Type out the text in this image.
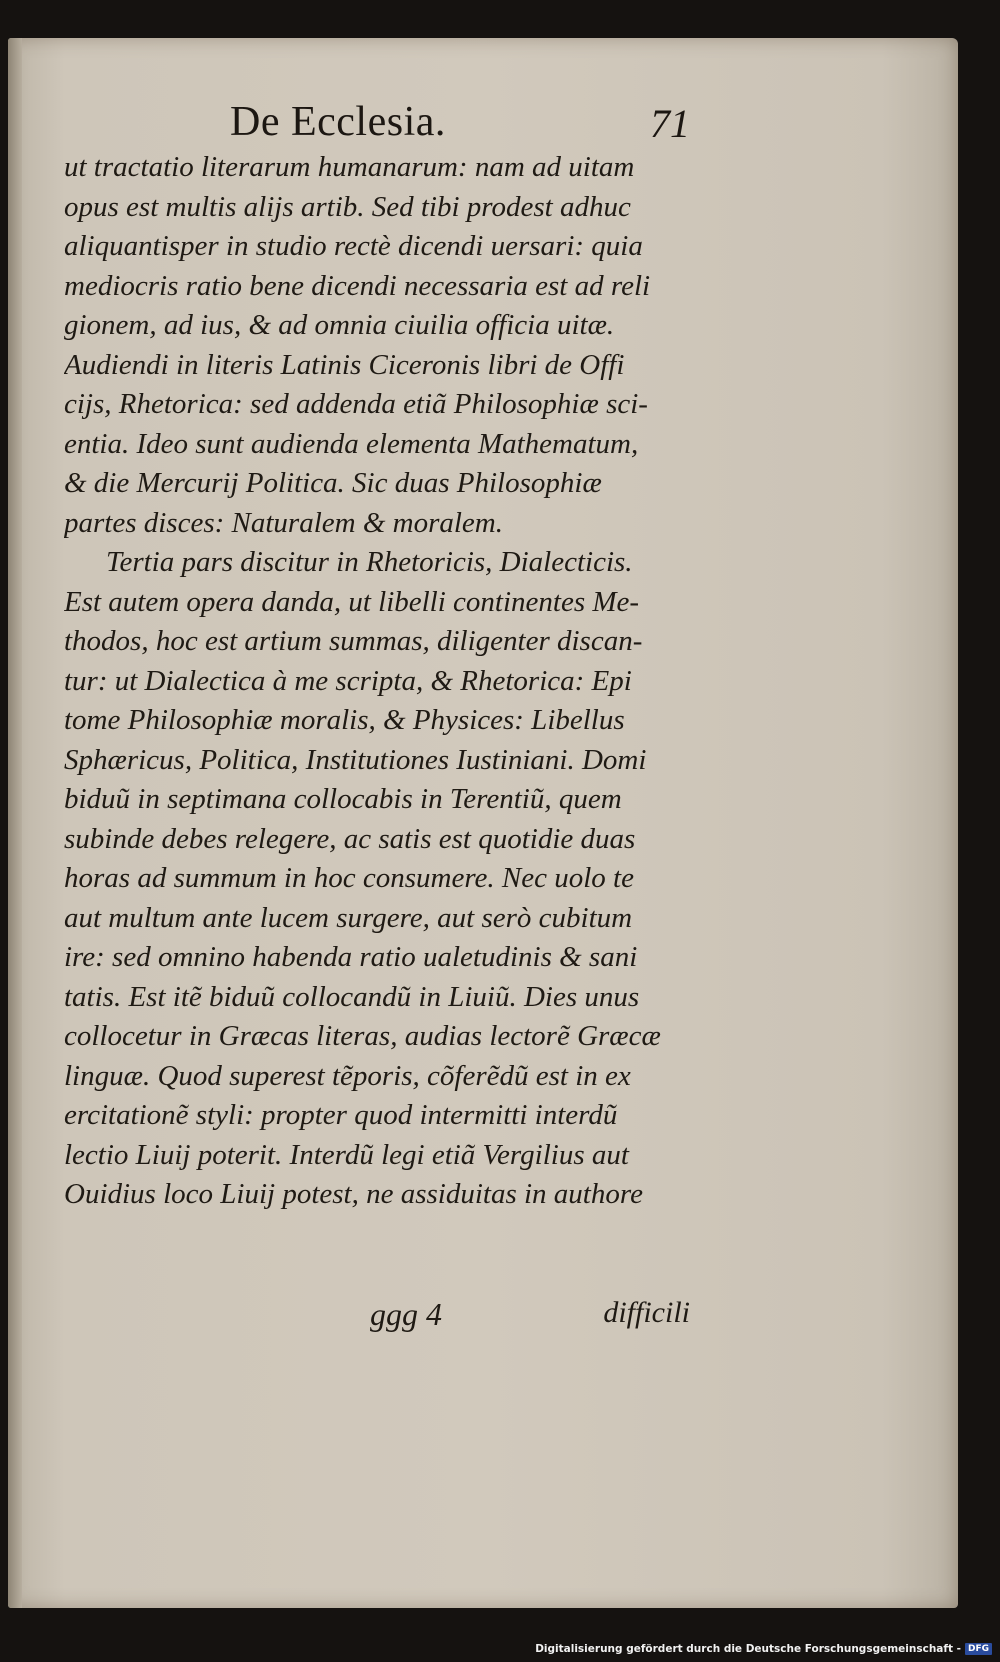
De Ecclesia.	71
ut tractatio literarum humanarum: nam ad uitam
opus est multis alijs artib. Sed tibi prodest adhuc
aliquantisper in studio rectè dicendi uersari: quia
mediocris ratio bene dicendi necessaria est ad reli
gionem, ad ius, & ad omnia ciuilia officia uitæ.
Audiendi in literis Latinis Ciceronis libri de Offi
cijs, Rhetorica: sed addenda etiã Philosophiæ sci-
entia. Ideo sunt audienda elementa Mathematum,
& die Mercurij Politica. Sic duas Philosophiæ
partes disces: Naturalem & moralem.
Tertia pars discitur in Rhetoricis, Dialecticis.
Est autem opera danda, ut libelli continentes Me-
thodos, hoc est artium summas, diligenter discan-
tur: ut Dialectica à me scripta, & Rhetorica: Epi
tome Philosophiæ moralis, & Physices: Libellus
Sphæricus, Politica, Institutiones Iustiniani. Domi
biduũ in septimana collocabis in Terentiũ, quem
subinde debes relegere, ac satis est quotidie duas
horas ad summum in hoc consumere. Nec uolo te
aut multum ante lucem surgere, aut serò cubitum
ire: sed omnino habenda ratio ualetudinis & sani
tatis. Est itẽ biduũ collocandũ in Liuiũ. Dies unus
collocetur in Græcas literas, audias lectorẽ Græcæ
linguæ. Quod superest tẽporis, cõferẽdũ est in ex
ercitationẽ styli: propter quod intermitti interdũ
lectio Liuij poterit. Interdũ legi etiã Vergilius aut
Ouidius loco Liuij potest, ne assiduitas in authore
ggg 4	difficili
Digitalisierung gefördert durch die Deutsche Forschungsgemeinschaft - DFG
